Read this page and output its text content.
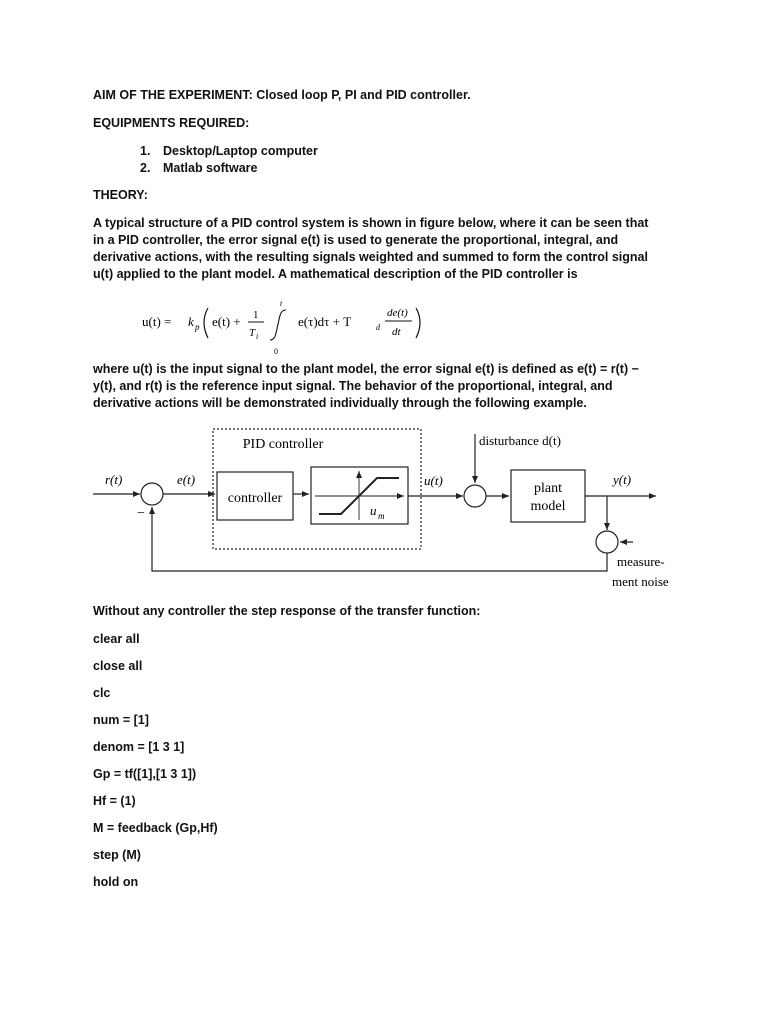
AIM OF THE EXPERIMENT: Closed loop P, PI and PID controller.

EQUIPMENTS REQUIRED:

1. Desktop/Laptop computer
2. Matlab software

THEORY:

A typical structure of a PID control system is shown in figure below, where it can be seen that in a PID controller, the error signal e(t) is used to generate the proportional, integral, and derivative actions, with the resulting signals weighted and summed to form the control signal u(t) applied to the plant model. A mathematical description of the PID controller is

u(t) = k p e(t) + 1
T i
t
0
e(τ)dτ + T	d
de(t)
dt

where u(t) is the input signal to the plant model, the error signal e(t) is defined as e(t) = r(t) − y(t), and r(t) is the reference input signal. The behavior of the proportional, integral, and derivative actions will be demonstrated individually through the following example.

PID controller	disturbance d(t)
r(t)	e(t)	u(t)	y(t)
controller
u m
plant
model
measure-
ment noise
−

Without any controller the step response of the transfer function:

clear all

close all

clc

num = [1]

denom = [1 3 1]

Gp = tf([1],[1 3 1])

Hf = (1)

M = feedback (Gp,Hf)

step (M)

hold on
